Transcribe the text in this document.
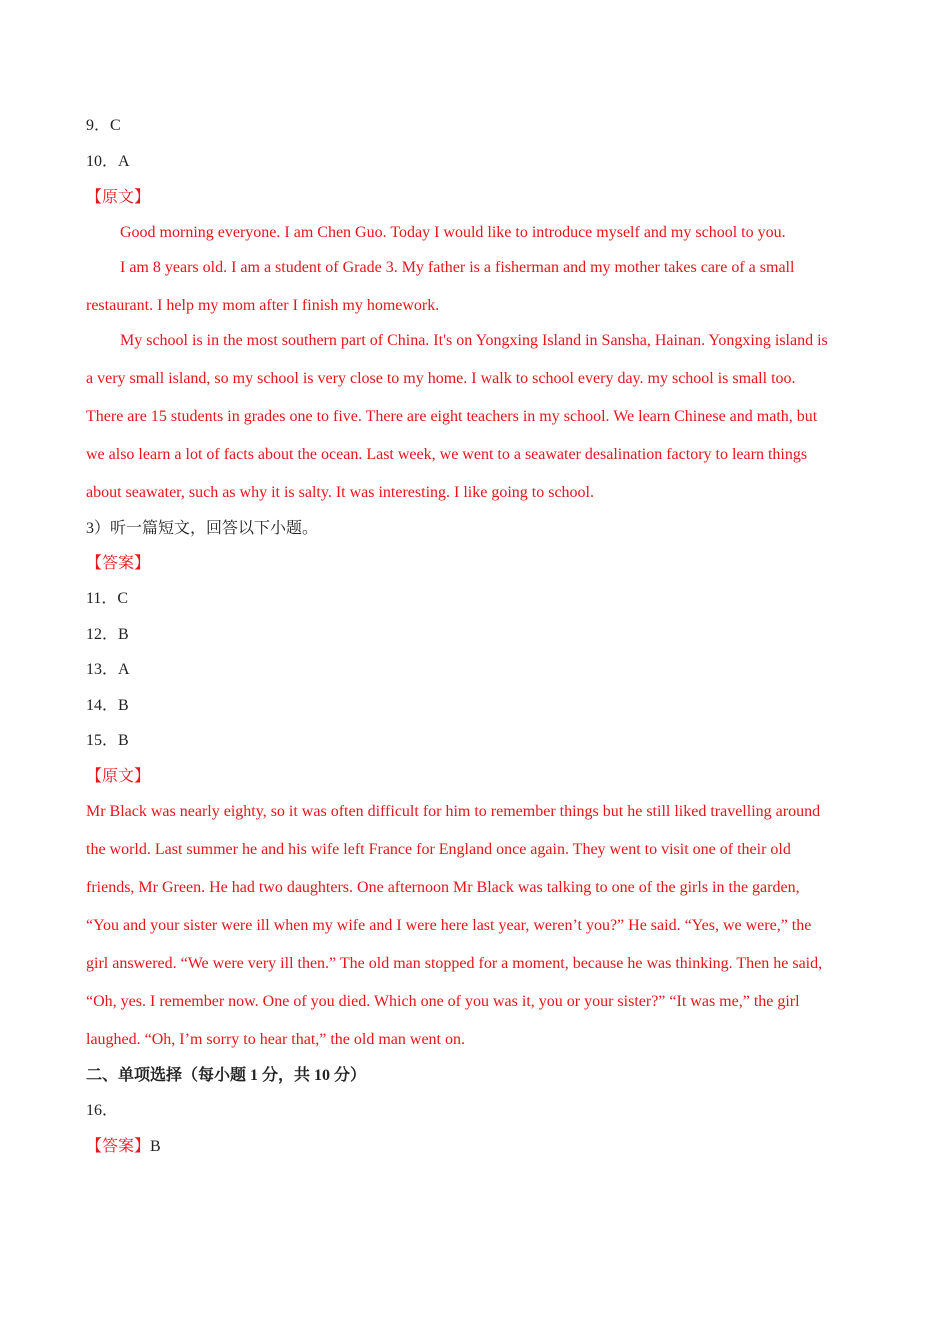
9．C
10．A
【原文】
Good morning everyone. I am Chen Guo. Today I would like to introduce myself and my school to you.
I am 8 years old. I am a student of Grade 3. My father is a fisherman and my mother takes care of a small
restaurant. I help my mom after I finish my homework.
My school is in the most southern part of China. It's on Yongxing Island in Sansha, Hainan. Yongxing island is
a very small island, so my school is very close to my home. I walk to school every day. my school is small too.
There are 15 students in grades one to five. There are eight teachers in my school. We learn Chinese and math, but
we also learn a lot of facts about the ocean. Last week, we went to a seawater desalination factory to learn things
about seawater, such as why it is salty. It was interesting. I like going to school.
3）听一篇短文，回答以下小题。
【答案】
11．C
12．B
13．A
14．B
15．B
【原文】
Mr Black was nearly eighty, so it was often difficult for him to remember things but he still liked travelling around
the world. Last summer he and his wife left France for England once again. They went to visit one of their old
friends, Mr Green. He had two daughters. One afternoon Mr Black was talking to one of the girls in the garden,
“You and your sister were ill when my wife and I were here last year, weren’t you?” He said. “Yes, we were,” the
girl answered. “We were very ill then.” The old man stopped for a moment, because he was thinking. Then he said,
“Oh, yes. I remember now. One of you died. Which one of you was it, you or your sister?” “It was me,” the girl
laughed. “Oh, I’m sorry to hear that,” the old man went on.
二、单项选择（每小题 1 分，共 10 分）
16．
【答案】B
